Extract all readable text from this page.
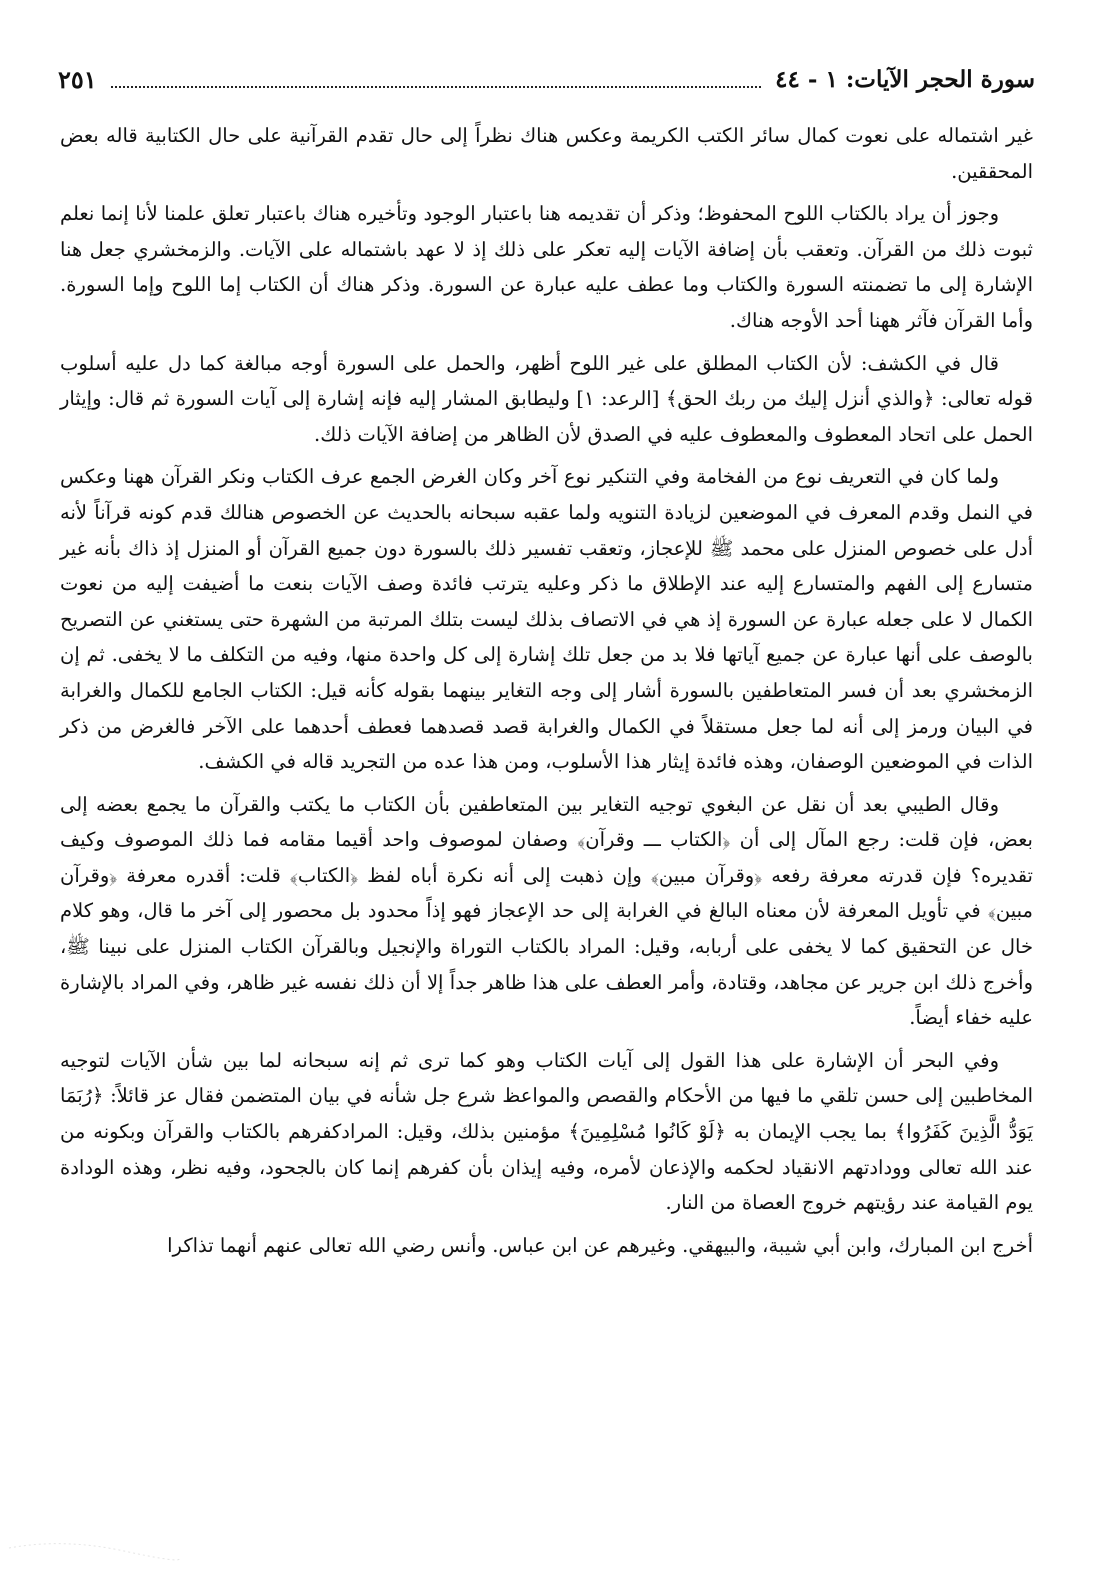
سورة الحجر الآيات: ١ - ٤٤
٢٥١

غير اشتماله على نعوت كمال سائر الكتب الكريمة وعكس هناك نظراً إلى حال تقدم القرآنية على حال الكتابية قاله بعض المحققين.

وجوز أن يراد بالكتاب اللوح المحفوظ؛ وذكر أن تقديمه هنا باعتبار الوجود وتأخيره هناك باعتبار تعلق علمنا لأنا إنما نعلم ثبوت ذلك من القرآن. وتعقب بأن إضافة الآيات إليه تعكر على ذلك إذ لا عهد باشتماله على الآيات. والزمخشري جعل هنا الإشارة إلى ما تضمنته السورة والكتاب وما عطف عليه عبارة عن السورة. وذكر هناك أن الكتاب إما اللوح وإما السورة. وأما القرآن فآثر ههنا أحد الأوجه هناك.

قال في الكشف: لأن الكتاب المطلق على غير اللوح أظهر، والحمل على السورة أوجه مبالغة كما دل عليه أسلوب قوله تعالى: ﴿والذي أنزل إليك من ربك الحق﴾ [الرعد: ١] وليطابق المشار إليه فإنه إشارة إلى آيات السورة ثم قال: وإيثار الحمل على اتحاد المعطوف والمعطوف عليه في الصدق لأن الظاهر من إضافة الآيات ذلك.

ولما كان في التعريف نوع من الفخامة وفي التنكير نوع آخر وكان الغرض الجمع عرف الكتاب ونكر القرآن ههنا وعكس في النمل وقدم المعرف في الموضعين لزيادة التنويه ولما عقبه سبحانه بالحديث عن الخصوص هنالك قدم كونه قرآناً لأنه أدل على خصوص المنزل على محمد ﷺ للإعجاز، وتعقب تفسير ذلك بالسورة دون جميع القرآن أو المنزل إذ ذاك بأنه غير متسارع إلى الفهم والمتسارع إليه عند الإطلاق ما ذكر وعليه يترتب فائدة وصف الآيات بنعت ما أضيفت إليه من نعوت الكمال لا على جعله عبارة عن السورة إذ هي في الاتصاف بذلك ليست بتلك المرتبة من الشهرة حتى يستغني عن التصريح بالوصف على أنها عبارة عن جميع آياتها فلا بد من جعل تلك إشارة إلى كل واحدة منها، وفيه من التكلف ما لا يخفى. ثم إن الزمخشري بعد أن فسر المتعاطفين بالسورة أشار إلى وجه التغاير بينهما بقوله كأنه قيل: الكتاب الجامع للكمال والغرابة في البيان ورمز إلى أنه لما جعل مستقلاً في الكمال والغرابة قصد قصدهما فعطف أحدهما على الآخر فالغرض من ذكر الذات في الموضعين الوصفان، وهذه فائدة إيثار هذا الأسلوب، ومن هذا عده من التجريد قاله في الكشف.

وقال الطيبي بعد أن نقل عن البغوي توجيه التغاير بين المتعاطفين بأن الكتاب ما يكتب والقرآن ما يجمع بعضه إلى بعض، فإن قلت: رجع المآل إلى أن ﴿الكتاب ـــ وقرآن﴾ وصفان لموصوف واحد أقيما مقامه فما ذلك الموصوف وكيف تقديره؟ فإن قدرته معرفة رفعه ﴿وقرآن مبين﴾ وإن ذهبت إلى أنه نكرة أباه لفظ ﴿الكتاب﴾ قلت: أقدره معرفة ﴿وقرآن مبين﴾ في تأويل المعرفة لأن معناه البالغ في الغرابة إلى حد الإعجاز فهو إذاً محدود بل محصور إلى آخر ما قال، وهو كلام خال عن التحقيق كما لا يخفى على أربابه، وقيل: المراد بالكتاب التوراة والإنجيل وبالقرآن الكتاب المنزل على نبينا ﷺ، وأخرج ذلك ابن جرير عن مجاهد، وقتادة، وأمر العطف على هذا ظاهر جداً إلا أن ذلك نفسه غير ظاهر، وفي المراد بالإشارة عليه خفاء أيضاً.

وفي البحر أن الإشارة على هذا القول إلى آيات الكتاب وهو كما ترى ثم إنه سبحانه لما بين شأن الآيات لتوجيه المخاطبين إلى حسن تلقي ما فيها من الأحكام والقصص والمواعظ شرع جل شأنه في بيان المتضمن فقال عز قائلاً: ﴿رُبَمَا يَوَدُّ الَّذِينَ كَفَرُوا﴾ بما يجب الإيمان به ﴿لَوْ كَانُوا مُسْلِمِينَ﴾ مؤمنين بذلك، وقيل: المرادكفرهم بالكتاب والقرآن وبكونه من عند الله تعالى وودادتهم الانقياد لحكمه والإذعان لأمره، وفيه إيذان بأن كفرهم إنما كان بالجحود، وفيه نظر، وهذه الودادة يوم القيامة عند رؤيتهم خروج العصاة من النار.

أخرج ابن المبارك، وابن أبي شيبة، والبيهقي. وغيرهم عن ابن عباس. وأنس رضي الله تعالى عنهم أنهما تذاكرا
